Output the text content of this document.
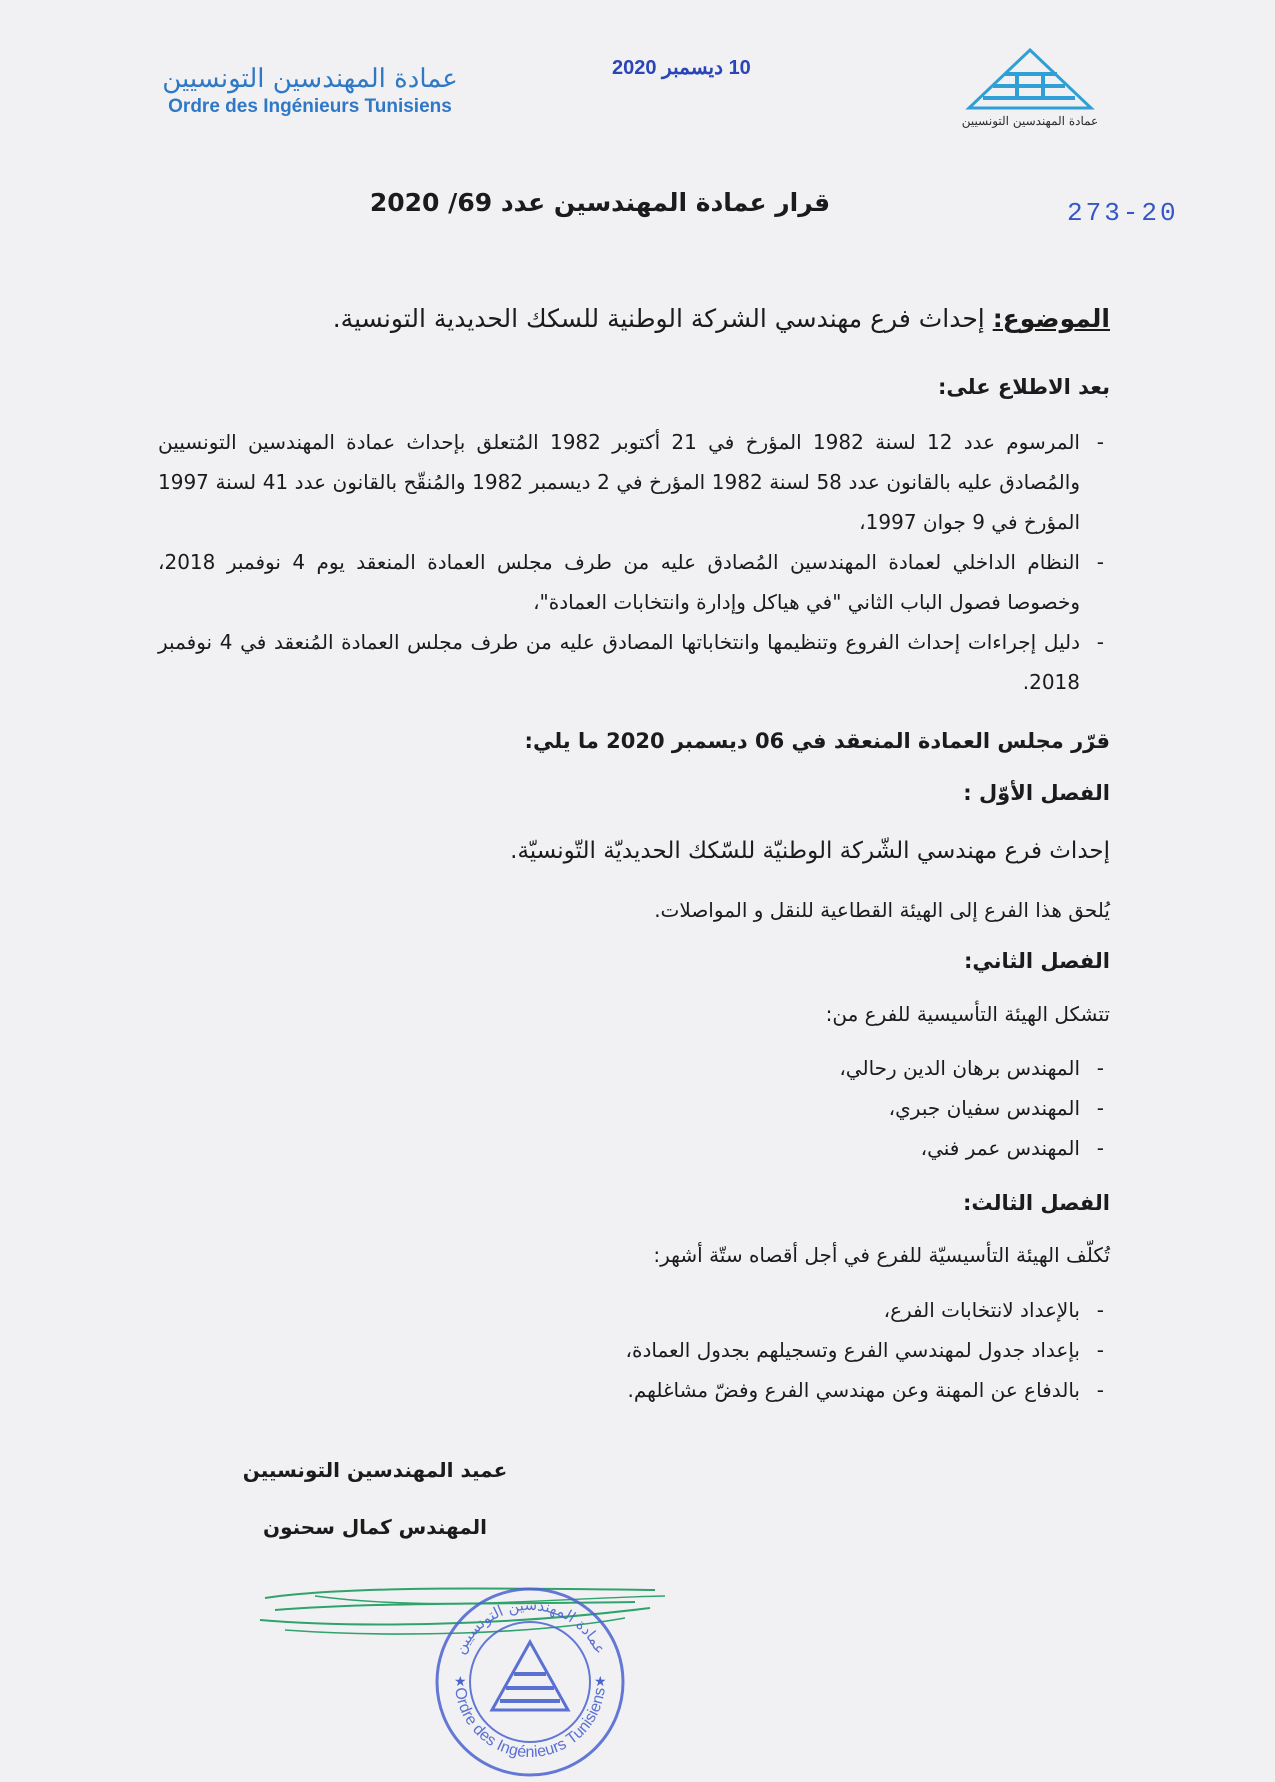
عمادة المهندسين التونسيين
Ordre des Ingénieurs Tunisiens
10 ديسمبر 2020
عمادة المهندسين التونسيين
273-20
قرار عمادة المهندسين عدد 69/ 2020
الموضوع: إحداث فرع مهندسي الشركة الوطنية للسكك الحديدية التونسية.
بعد الاطلاع على:
- المرسوم عدد 12 لسنة 1982 المؤرخ في 21 أكتوبر 1982 المُتعلق بإحداث عمادة المهندسين التونسيين والمُصادق عليه بالقانون عدد 58 لسنة 1982 المؤرخ في 2 ديسمبر 1982 والمُنقّح بالقانون عدد 41 لسنة 1997 المؤرخ في 9 جوان 1997،
- النظام الداخلي لعمادة المهندسين المُصادق عليه من طرف مجلس العمادة المنعقد يوم 4 نوفمبر 2018، وخصوصا فصول الباب الثاني "في هياكل وإدارة وانتخابات العمادة"،
- دليل إجراءات إحداث الفروع وتنظيمها وانتخاباتها المصادق عليه من طرف مجلس العمادة المُنعقد في 4 نوفمبر 2018.
قرّر مجلس العمادة المنعقد في 06 ديسمبر 2020 ما يلي:
الفصل الأوّل :
إحداث فرع مهندسي الشّركة الوطنيّة للسّكك الحديديّة التّونسيّة.
يُلحق هذا الفرع إلى الهيئة القطاعية للنقل و المواصلات.
الفصل الثاني:
تتشكل الهيئة التأسيسية للفرع من:
- المهندس برهان الدين رحالي،
- المهندس سفيان جبري،
- المهندس عمر فني،
الفصل الثالث:
تُكلّف الهيئة التأسيسيّة للفرع في أجل أقصاه ستّة أشهر:
- بالإعداد لانتخابات الفرع،
- بإعداد جدول لمهندسي الفرع وتسجيلهم بجدول العمادة،
- بالدفاع عن المهنة وعن مهندسي الفرع وفضّ مشاغلهم.
عميد المهندسين التونسيين
المهندس كمال سحنون
Ordre des Ingénieurs Tunisiens
عمادة المهندسين التونسيين
★	★
